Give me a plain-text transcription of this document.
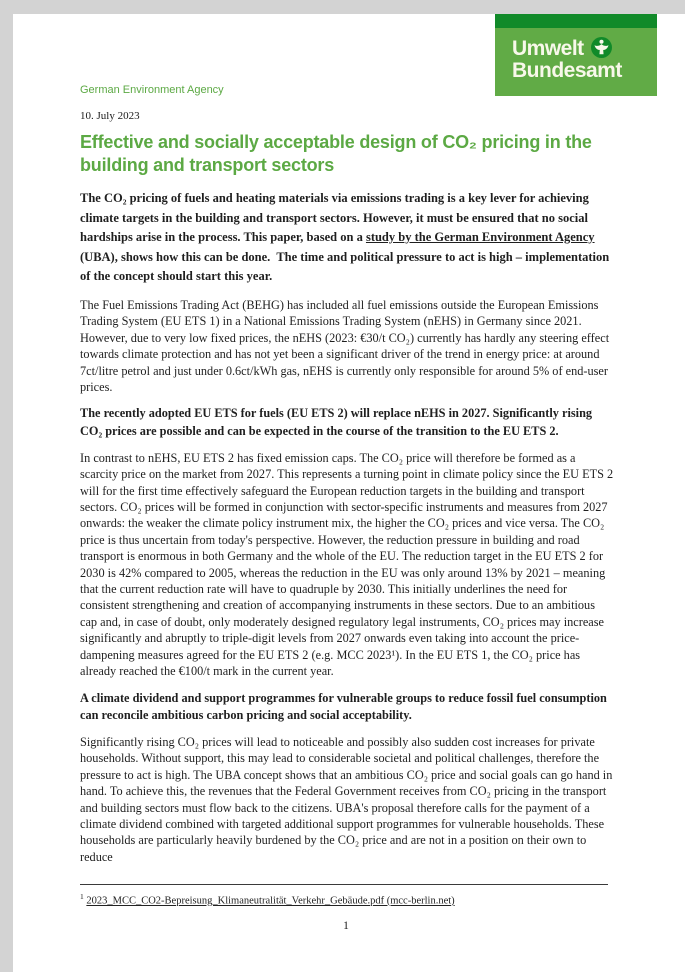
Umwelt
Bundesamt
German Environment Agency
10. July 2023
Effective and socially acceptable design of CO₂ pricing in the building and transport sectors

The CO₂ pricing of fuels and heating materials via emissions trading is a key lever for achieving climate targets in the building and transport sectors. However, it must be ensured that no social hardships arise in the process. This paper, based on a study by the German Environment Agency (UBA), shows how this can be done.  The time and political pressure to act is high – implementation of the concept should start this year.

The Fuel Emissions Trading Act (BEHG) has included all fuel emissions outside the European Emissions Trading System (EU ETS 1) in a National Emissions Trading System (nEHS) in Germany since 2021. However, due to very low fixed prices, the nEHS (2023: €30/t CO₂) currently has hardly any steering effect towards climate protection and has not yet been a significant driver of the trend in energy price: at around 7ct/litre petrol and just under 0.6ct/kWh gas, nEHS is currently only responsible for around 5% of end-user prices.

The recently adopted EU ETS for fuels (EU ETS 2) will replace nEHS in 2027. Significantly rising CO₂ prices are possible and can be expected in the course of the transition to the EU ETS 2.

In contrast to nEHS, EU ETS 2 has fixed emission caps. The CO₂ price will therefore be formed as a scarcity price on the market from 2027. This represents a turning point in climate policy since the EU ETS 2 will for the first time effectively safeguard the European reduction targets in the building and transport sectors. CO₂ prices will be formed in conjunction with sector-specific instruments and measures from 2027 onwards: the weaker the climate policy instrument mix, the higher the CO₂ prices and vice versa. The CO₂ price is thus uncertain from today's perspective. However, the reduction pressure in building and road transport is enormous in both Germany and the whole of the EU. The reduction target in the EU ETS 2 for 2030 is 42% compared to 2005, whereas the reduction in the EU was only around 13% by 2021 – meaning that the current reduction rate will have to quadruple by 2030. This initially underlines the need for consistent strengthening and creation of accompanying instruments in these sectors. Due to an ambitious cap and, in case of doubt, only moderately designed regulatory legal instruments, CO₂ prices may increase significantly and abruptly to triple-digit levels from 2027 onwards even taking into account the price-dampening measures agreed for the EU ETS 2 (e.g. MCC 2023¹). In the EU ETS 1, the CO₂ price has already reached the €100/t mark in the current year.

A climate dividend and support programmes for vulnerable groups to reduce fossil fuel consumption can reconcile ambitious carbon pricing and social acceptability.

Significantly rising CO₂ prices will lead to noticeable and possibly also sudden cost increases for private households. Without support, this may lead to considerable societal and political challenges, therefore the pressure to act is high. The UBA concept shows that an ambitious CO₂ price and social goals can go hand in hand. To achieve this, the revenues that the Federal Government receives from CO₂ pricing in the transport and building sectors must flow back to the citizens. UBA's proposal therefore calls for the payment of a climate dividend combined with targeted additional support programmes for vulnerable households. These households are particularly heavily burdened by the CO₂ price and are not in a position on their own to reduce

$^1$ 2023_MCC_CO2-Bepreisung_Klimaneutralität_Verkehr_Gebäude.pdf (mcc-berlin.net)
1
